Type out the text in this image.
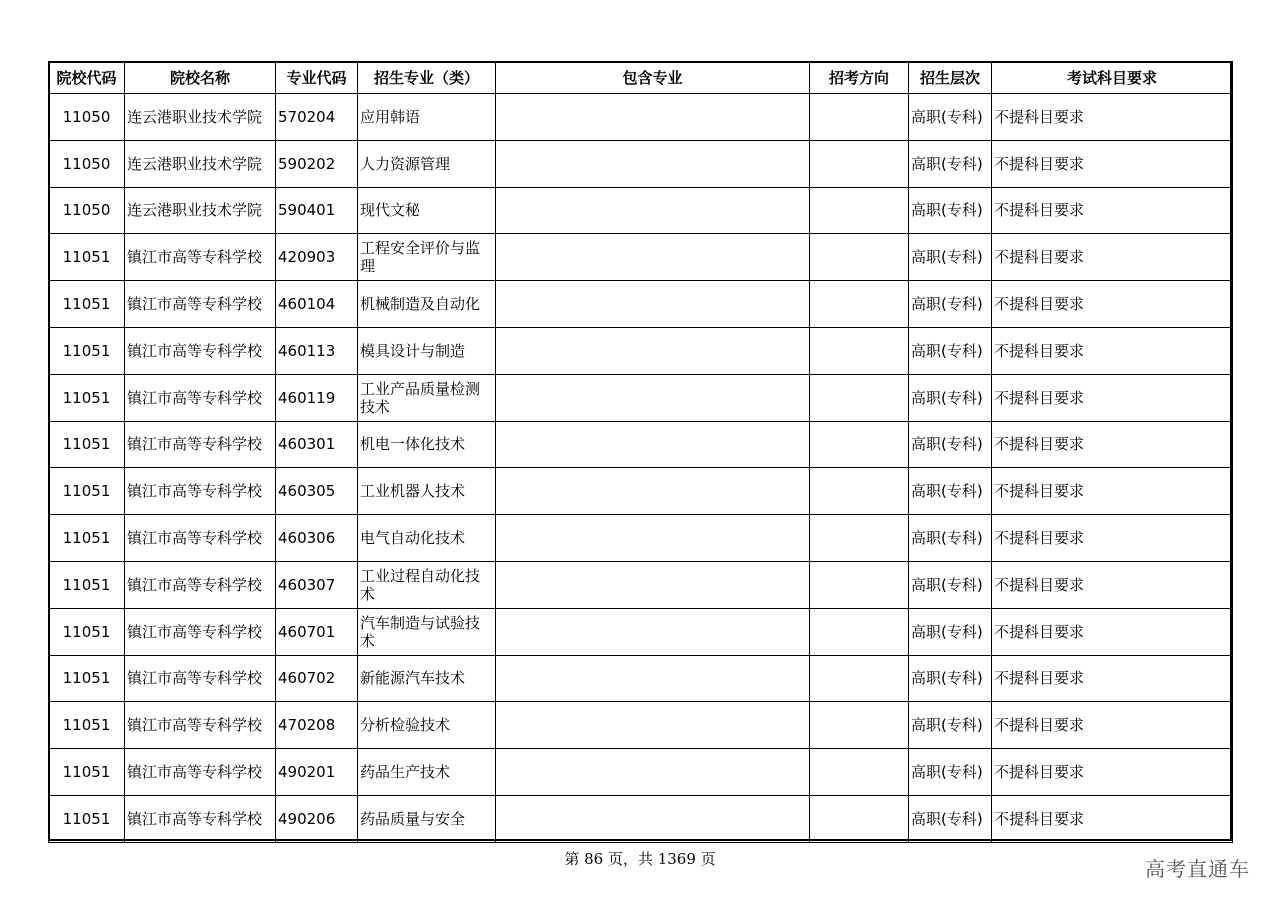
院校代码	院校名称	专业代码	招生专业（类）	包含专业	招考方向	招生层次	考试科目要求
11050	连云港职业技术学院	570204	应用韩语			高职(专科)	不提科目要求
11050	连云港职业技术学院	590202	人力资源管理			高职(专科)	不提科目要求
11050	连云港职业技术学院	590401	现代文秘			高职(专科)	不提科目要求
11051	镇江市高等专科学校	420903	工程安全评价与监理			高职(专科)	不提科目要求
11051	镇江市高等专科学校	460104	机械制造及自动化			高职(专科)	不提科目要求
11051	镇江市高等专科学校	460113	模具设计与制造			高职(专科)	不提科目要求
11051	镇江市高等专科学校	460119	工业产品质量检测技术			高职(专科)	不提科目要求
11051	镇江市高等专科学校	460301	机电一体化技术			高职(专科)	不提科目要求
11051	镇江市高等专科学校	460305	工业机器人技术			高职(专科)	不提科目要求
11051	镇江市高等专科学校	460306	电气自动化技术			高职(专科)	不提科目要求
11051	镇江市高等专科学校	460307	工业过程自动化技术			高职(专科)	不提科目要求
11051	镇江市高等专科学校	460701	汽车制造与试验技术			高职(专科)	不提科目要求
11051	镇江市高等专科学校	460702	新能源汽车技术			高职(专科)	不提科目要求
11051	镇江市高等专科学校	470208	分析检验技术			高职(专科)	不提科目要求
11051	镇江市高等专科学校	490201	药品生产技术			高职(专科)	不提科目要求
11051	镇江市高等专科学校	490206	药品质量与安全			高职(专科)	不提科目要求
第 86 页，共 1369 页	高考直通车
